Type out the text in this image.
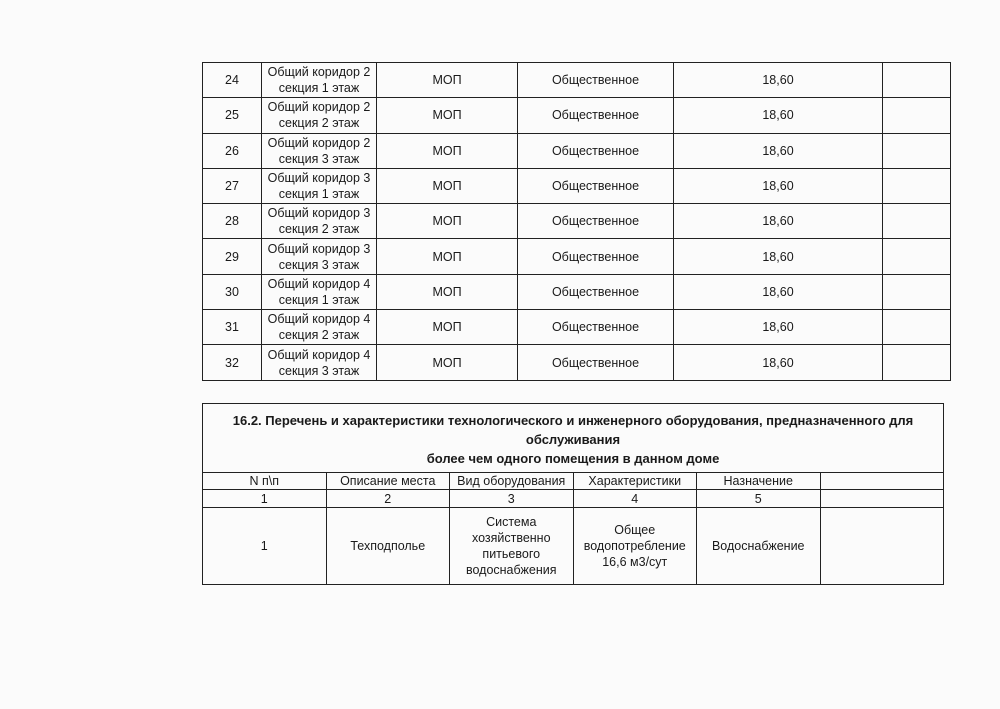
24	Общий коридор 2
секция 1 этаж	МОП	Общественное	18,60	
25	Общий коридор 2
секция 2 этаж	МОП	Общественное	18,60	
26	Общий коридор 2
секция 3 этаж	МОП	Общественное	18,60	
27	Общий коридор 3
секция 1 этаж	МОП	Общественное	18,60	
28	Общий коридор 3
секция 2 этаж	МОП	Общественное	18,60	
29	Общий коридор 3
секция 3 этаж	МОП	Общественное	18,60	
30	Общий коридор 4
секция 1 этаж	МОП	Общественное	18,60	
31	Общий коридор 4
секция 2 этаж	МОП	Общественное	18,60	
32	Общий коридор 4
секция 3 этаж	МОП	Общественное	18,60	
16.2. Перечень и характеристики технологического и инженерного оборудования, предназначенного для обслуживания
более чем одного помещения в данном доме					

N п\п	Описание места	Вид оборудования	Характеристики	Назначение	
1	2	3	4	5	
1	Техподполье	Система хозяйственно
питьевого
водоснабжения	Общее
водопотребление 16,6 м3/сут	Водоснабжение	
